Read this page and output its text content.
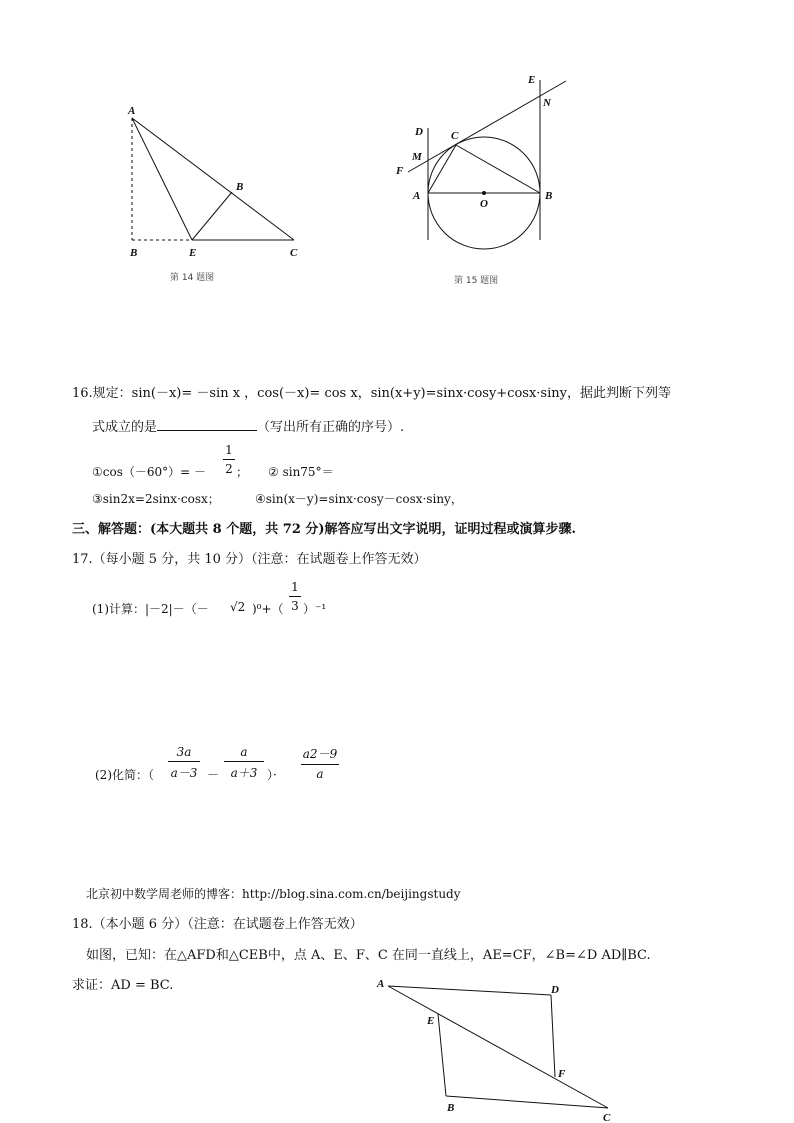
A
B
B	E	C
第 14 题图
E
N
D	C
M
F
A
O
B
第 15 题图
16.规定：sin(－x)= －sin x ，cos(－x)= cos x，sin(x+y)=sinx·cosy+cosx·siny，据此判断下列等
式成立的是	（写出所有正确的序号）.
①cos（－60°）= －
1
2 ； ② sin75°＝
③sin2x=2sinx·cosx；	④sin(x－y)=sinx·cosy－cosx·siny，
三、解答题：(本大题共 8 个题，共 72 分)解答应写出文字说明，证明过程或演算步骤.
17.（每小题 5 分，共 10 分）（注意：在试题卷上作答无效）
(1)计算：|－2|－（－ √2 )⁰+（
1
3 ）⁻¹
(2)化简：（
3a
a－3 －
a
a＋3 ）·
a2－9
a
北京初中数学周老师的博客：http://blog.sina.com.cn/beijingstudy
18.（本小题 6 分）（注意：在试题卷上作答无效）
如图，已知：在△AFD和△CEB中，点 A、E、F、C 在同一直线上，AE=CF，∠B=∠D AD∥BC.
求证：AD = BC.	A	D
E
F
B
C
